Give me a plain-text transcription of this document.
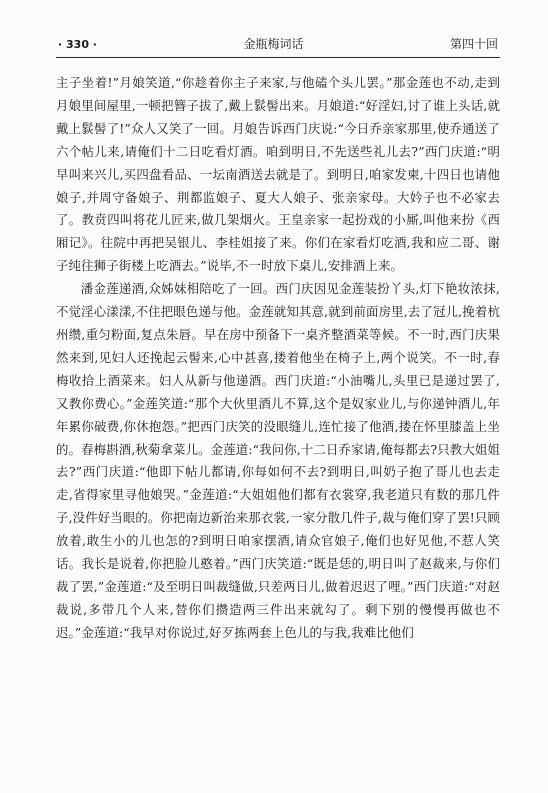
· 330 ·	金瓶梅词话	第四十回

主子坐着!”月娘笑道,“你趁着你主子来家,与他磕个头儿罢。”那金莲也不动,走到月娘里间屋里,一顿把簪子拔了,戴上䯼髻出来。月娘道:“好淫妇,讨了谁上头话,就戴上䯼髻了!”众人又笑了一回。月娘告诉西门庆说:“今日乔亲家那里,使乔通送了六个帖儿来,请俺们十二日吃看灯酒。咱到明日,不先送些礼儿去?”西门庆道:“明早叫来兴儿,买四盘看品、一坛南酒送去就是了。到明日,咱家发柬,十四日也请他娘子,并周守备娘子、荆都监娘子、夏大人娘子、张亲家母。大妗子也不必家去了。教贲四叫将花儿匠来,做几架烟火。王皇亲家一起扮戏的小厮,叫他来扮《西厢记》。往院中再把吴银儿、李桂姐接了来。你们在家看灯吃酒,我和应二哥、谢子纯往狮子街楼上吃酒去。”说毕,不一时放下桌儿,安排酒上来。

潘金莲递酒,众姊妹相陪吃了一回。西门庆因见金莲装扮丫头,灯下艳妆浓抹,不觉淫心漾漾,不住把眼色递与他。金莲就知其意,就到前面房里,去了冠儿,挽着杭州缵,重匀粉面,复点朱唇。早在房中预备下一桌齐整酒菜等候。不一时,西门庆果然来到,见妇人还挽起云髻来,心中甚喜,搂着他坐在椅子上,两个说笑。不一时,春梅收拾上酒菜来。妇人从新与他递酒。西门庆道:“小油嘴儿,头里已是递过罢了,又教你费心。”金莲笑道:“那个大伙里酒儿不算,这个是奴家业儿,与你递钟酒儿,年年累你破费,你休抱怨。”把西门庆笑的没眼缝儿,连忙接了他酒,搂在怀里膝盖上坐的。春梅斟酒,秋菊拿菜儿。金莲道:“我问你,十二日乔家请,俺每都去?只教大姐姐去?”西门庆道:“他即下帖儿都请,你每如何不去?到明日,叫奶子抱了哥儿也去走走,省得家里寻他娘哭。”金莲道:“大姐姐他们都有衣裳穿,我老道只有数的那几件子,没件好当眼的。你把南边新治来那衣裳,一家分散几件子,裁与俺们穿了罢!只顾放着,敢生小的儿也怎的?到明日咱家摆酒,请众官娘子,俺们也好见他,不惹人笑话。我长是说着,你把脸儿憨着。”西门庆笑道:“既是恁的,明日叫了赵裁来,与你们裁了罢,”金莲道:“及至明日叫裁缝做,只差两日儿,做着迟迟了哩。”西门庆道:“对赵裁说,多带几个人来,替你们攒造两三件出来就勾了。剩下别的慢慢再做也不迟。”金莲道:“我早对你说过,好歹拣两套上色儿的与我,我难比他们
